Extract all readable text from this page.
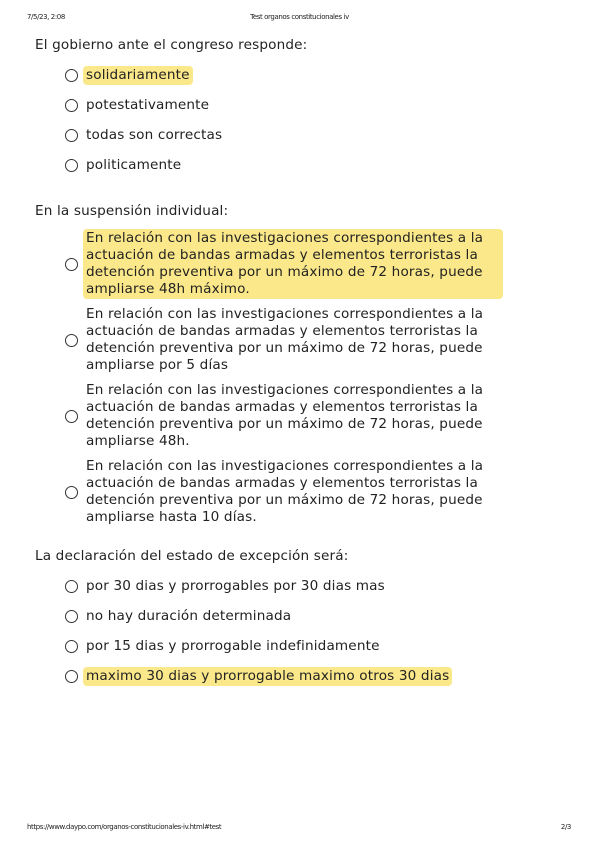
7/5/23, 2:08	Test organos constitucionales iv

El gobierno ante el congreso responde:

solidariamente
potestativamente
todas son correctas
politicamente

En la suspensión individual:

En relación con las investigaciones correspondientes a la actuación de bandas armadas y elementos terroristas la detención preventiva por un máximo de 72 horas, puede ampliarse 48h máximo.
En relación con las investigaciones correspondientes a la actuación de bandas armadas y elementos terroristas la detención preventiva por un máximo de 72 horas, puede ampliarse por 5 días
En relación con las investigaciones correspondientes a la actuación de bandas armadas y elementos terroristas la detención preventiva por un máximo de 72 horas, puede ampliarse 48h.
En relación con las investigaciones correspondientes a la actuación de bandas armadas y elementos terroristas la detención preventiva por un máximo de 72 horas, puede ampliarse hasta 10 días.

La declaración del estado de excepción será:

por 30 dias y prorrogables por 30 dias mas
no hay duración determinada
por 15 dias y prorrogable indefinidamente
maximo 30 dias y prorrogable maximo otros 30 dias
https://www.daypo.com/organos-constitucionales-iv.html#test	2/3
